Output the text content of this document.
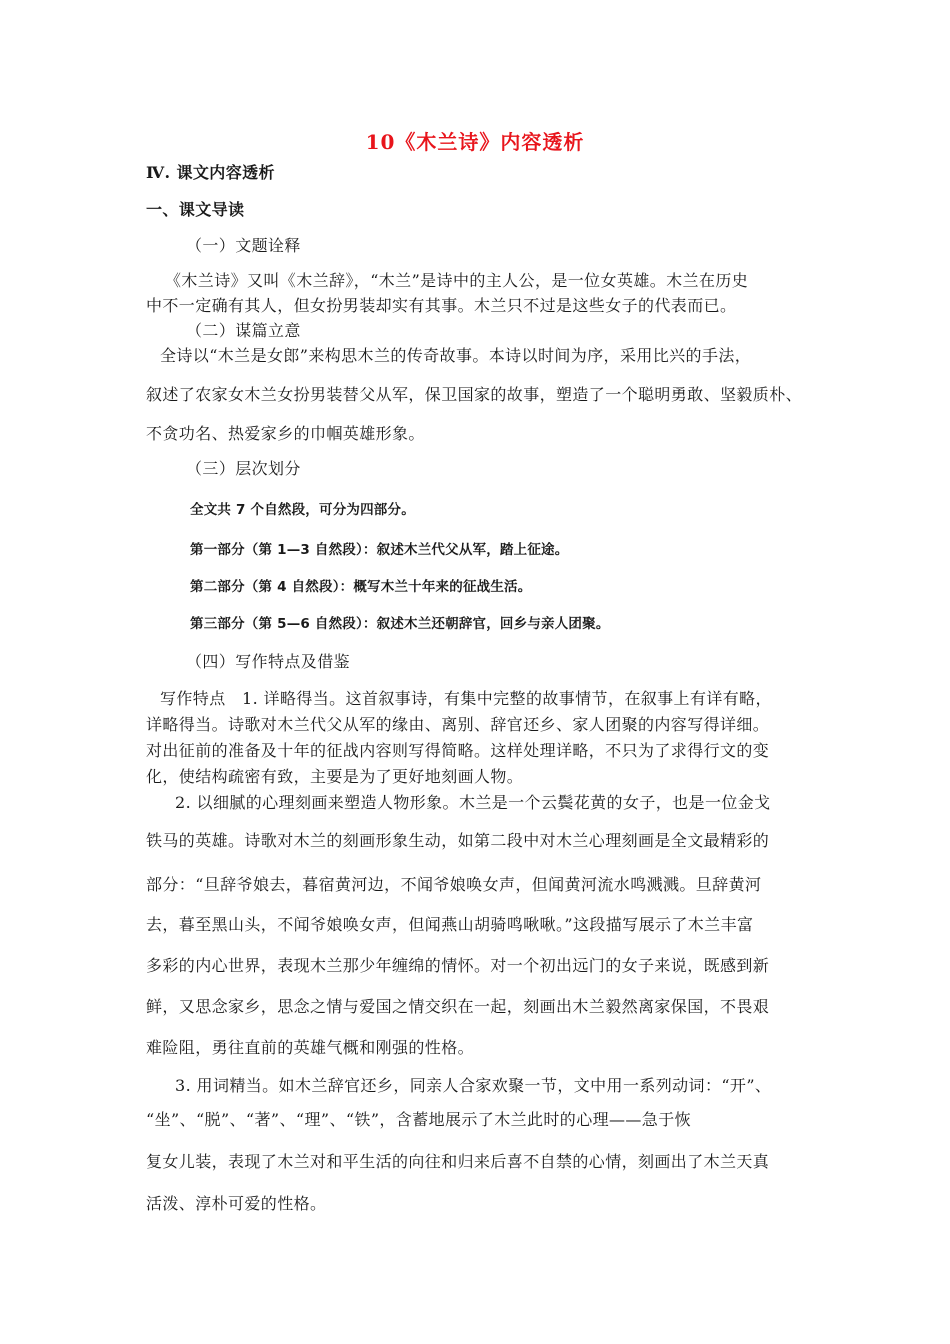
10《木兰诗》内容透析
Ⅳ. 课文内容透析
一、课文导读
（一）文题诠释
《木兰诗》又叫《木兰辞》，“木兰”是诗中的主人公，是一位女英雄。木兰在历史
中不一定确有其人，但女扮男装却实有其事。木兰只不过是这些女子的代表而已。
（二）谋篇立意
全诗以“木兰是女郎”来构思木兰的传奇故事。本诗以时间为序，采用比兴的手法，
叙述了农家女木兰女扮男装替父从军，保卫国家的故事，塑造了一个聪明勇敢、坚毅质朴、
不贪功名、热爱家乡的巾帼英雄形象。
（三）层次划分
全文共 7 个自然段，可分为四部分。
第一部分（第 1—3 自然段）：叙述木兰代父从军，踏上征途。
第二部分（第 4 自然段）：概写木兰十年来的征战生活。
第三部分（第 5—6 自然段）：叙述木兰还朝辞官，回乡与亲人团聚。
（四）写作特点及借鉴
写作特点　1. 详略得当。这首叙事诗，有集中完整的故事情节，在叙事上有详有略，
详略得当。诗歌对木兰代父从军的缘由、离别、辞官还乡、家人团聚的内容写得详细。
对出征前的准备及十年的征战内容则写得简略。这样处理详略，不只为了求得行文的变
化，使结构疏密有致，主要是为了更好地刻画人物。
2. 以细腻的心理刻画来塑造人物形象。木兰是一个云鬓花黄的女子，也是一位金戈
铁马的英雄。诗歌对木兰的刻画形象生动，如第二段中对木兰心理刻画是全文最精彩的
部分：“旦辞爷娘去，暮宿黄河边，不闻爷娘唤女声，但闻黄河流水鸣溅溅。旦辞黄河
去，暮至黑山头，不闻爷娘唤女声，但闻燕山胡骑鸣啾啾。”这段描写展示了木兰丰富
多彩的内心世界，表现木兰那少年缠绵的情怀。对一个初出远门的女子来说，既感到新
鲜，又思念家乡，思念之情与爱国之情交织在一起，刻画出木兰毅然离家保国，不畏艰
难险阻，勇往直前的英雄气概和刚强的性格。
3. 用词精当。如木兰辞官还乡，同亲人合家欢聚一节，文中用一系列动词：“开”、
“坐”、“脱”、“著”、“理”、“铁”，含蓄地展示了木兰此时的心理——急于恢
复女儿装，表现了木兰对和平生活的向往和归来后喜不自禁的心情，刻画出了木兰天真
活泼、淳朴可爱的性格。
